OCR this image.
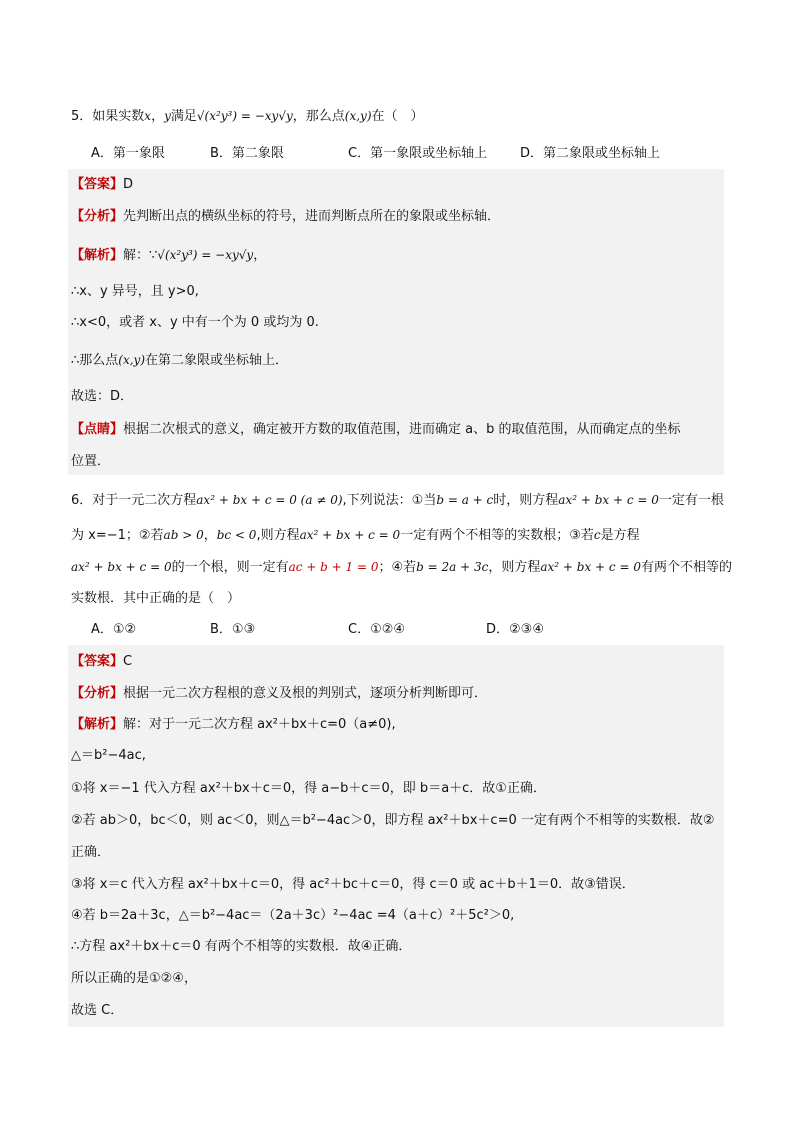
5．如果实数x，y满足√(x²y³) = −xy√y，那么点(x,y)在（　）
A．第一象限	B．第二象限	C．第一象限或坐标轴上	D．第二象限或坐标轴上
【答案】D
【分析】先判断出点的横纵坐标的符号，进而判断点所在的象限或坐标轴．
【解析】解：∵√(x²y³) = −xy√y，
∴x、y 异号，且 y>0,
∴x<0，或者 x、y 中有一个为 0 或均为 0.
∴那么点(x,y)在第二象限或坐标轴上．
故选：D．
【点睛】根据二次根式的意义，确定被开方数的取值范围，进而确定 a、b 的取值范围，从而确定点的坐标
位置．
6．对于一元二次方程ax² + bx + c = 0 (a ≠ 0),下列说法：①当b = a + c时，则方程ax² + bx + c = 0一定有一根
为 x=−1；②若ab > 0，bc < 0,则方程ax² + bx + c = 0一定有两个不相等的实数根；③若c是方程
ax² + bx + c = 0的一个根，则一定有ac + b + 1 = 0；④若b = 2a + 3c，则方程ax² + bx + c = 0有两个不相等的
实数根．其中正确的是（　）
A．①②	B．①③	C．①②④	D．②③④
【答案】C
【分析】根据一元二次方程根的意义及根的判别式，逐项分析判断即可．
【解析】解：对于一元二次方程 ax²＋bx＋c=0（a≠0),
△＝b²−4ac,
①将 x＝−1 代入方程 ax²＋bx＋c＝0，得 a−b＋c＝0，即 b＝a＋c．故①正确．
②若 ab＞0，bc＜0，则 ac＜0，则△＝b²−4ac＞0，即方程 ax²＋bx＋c=0 一定有两个不相等的实数根．故②
正确．
③将 x＝c 代入方程 ax²＋bx＋c＝0，得 ac²＋bc＋c＝0，得 c＝0 或 ac＋b＋1＝0．故③错误．
④若 b＝2a＋3c，△＝b²−4ac＝（2a＋3c）²−4ac =4（a＋c）²＋5c²＞0,
∴方程 ax²＋bx＋c＝0 有两个不相等的实数根．故④正确．
所以正确的是①②④，
故选 C．
